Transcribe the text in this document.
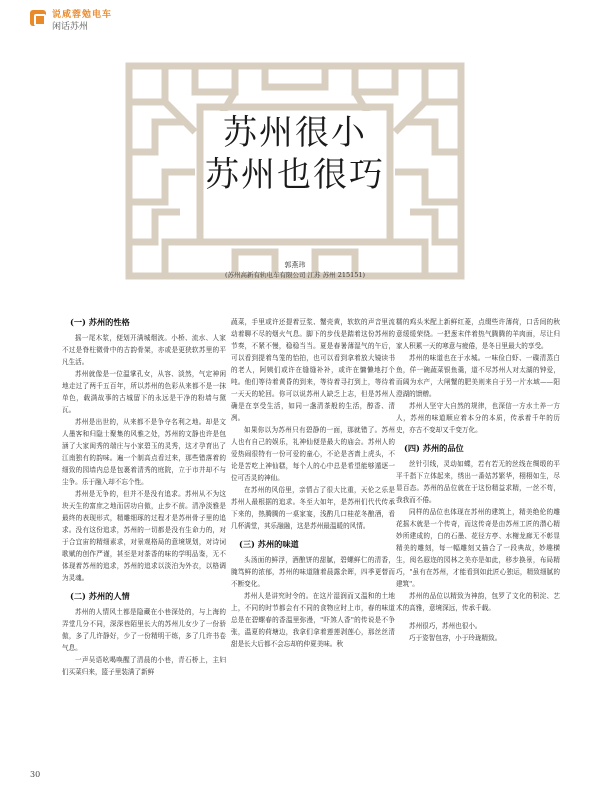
说咸蓉勉电车
闲话苏州
苏州很小
苏州也很巧
郭燕玮
(苏州高新有轨电车有限公司 江苏 苏州 215151)
(一) 苏州的性格

摇一尾木浆，便划开满城烟波。小桥、流水、人家不过是脊柱微骨中的古韵骨架，亦或是更狭软苏里的平凡生活。

苏州就像是一位温掌孔女，从容、淡然，气定神闲地走过了两千五百年，所以苏州的色彩从来都不是一抹单色，载满故事的古城留下的永远是干净的粉墙与黛瓦。

苏州是出世的，从来都不是争夺名利之地。却是文人墨客和归隐士聚集的风雅之处，苏州的文静也许是包涵了大家闺秀的端庄与小家碧玉的灵秀，这才孕育出了江南独有的韵味。遍一个制高点看过来，那些错落着的细致的园墙内总是包裹着清秀的庭院，立于市井却不与尘争。乐于融入却不忘个性。

苏州是无争的，但并不是没有追求。苏州从不为这块天生的富庶之地而居功自傲，止步不前。清净淡雅是最终的表现形式，精雕细琢的过程才是苏州骨子里的追求。没有这份追求，苏州的一切都是没有生命力的，对于合宜宙的精细素求，对景观格局的意境规划，对诗词歌赋的创作严谨，甚至是对茶香的味的学明品鉴，无不体现着苏州的追求，苏州的追求以淡泊为外衣，以格调为灵魂。

(二) 苏州的人情

苏州的人情风土都是隐藏在小巷深处的，与上海的弄堂几分不同，深深巷陌里长大的苏州儿女少了一份骄傲，多了几许静好，少了一份精明干练，多了几许书卷气息。

一声吴语吆喝唤醒了清晨的小巷，青石桥上，主妇们买菜归来，篮子里装满了新鲜

蔬菜，手里或许还提着豆浆、蟹壳黄，软软的声音里流动着聊不尽的烟火气息。脚下的步伐是踏着这份苏州的节奏，不紧不慢，稳稳当当。夏是春暑薄湿气的午后，可以看到提着鸟笼的怡拍，也可以看到拿着放大镜读书的老人，阿姨们或许在缝缝补补，或许在慵懒地打个吨。他们等待着黄昏的到来，等待着寻打到上，等待着一天天的轮回。你可以说苏州人缺乏上志，但是苏州人确是在享受生活，如同一盏清茶般的生活，醇香、清冽。

如果你以为苏州只有碧静的一面，那就错了。苏州人也有自己的娱乐，礼神仙便是最大的庙会。苏州人的爱热闹很特有一份可爱的童心，不论是吝啬上虎头，不论是苦吃上神仙糕，每个人的心中总是希望能够遁逐一位可否灵的神仙。

在苏州的风俗里，亲情占了很大比重，天伦之乐是苏州人最根据的追求。冬至大如年，是苏州们代代传承下来的，热腾腾的一桌家宴，浅酌几口桂花冬酿酒，看几杯满堂，其乐融融，这是苏州最温暖的风情。

(三) 苏州的味道

头汤面的鲜浮，酒酿饼的甜腻，碧螺鲜仁的清香，腌笃鲜的浓郁，苏州的味道随着晨露余晖，四季更替而不断变化。

苏州人是讲究时令的。在这片湿润而又温和的土地上，不同的时节都会有不同的食物应时上市，春的味道总是在碧螺春的香温里弥漫，"吓煞人香"的传说是不争张，温夏的荷塘边，我拿们拿着莲莲剥莲心，那丝丝清甜是长大后都不会忘却的仲夏美味。秋

糯的鸡头米配上新鲜红菱，点缀些许薄荷，口舌间的秋意缓缓荣绕。一把葱末伴着热气腾腾的羊肉面，尽让归家人积累一天的寒意与疲倦，是冬日里最大的享受。

苏州的味道也在于水城。一味俭白虾、一碟清蒸白鱼，佯一碗蔬菜银鱼羹，道不尽苏州人对太湖的钟爱，而阔为水产，大闸蟹的肥美则来自于另一片水域——阳澄湖的馈赠。

苏州人坚守大自然的规律，也深信一方水土养一方人，苏州的味道顺应着本分的本质，传承着千年的历史，亦古不变却又千变万化。

(四) 苏州的品位

丝针引线，灵动如蝶，若有若无的丝线在绸缎的平平千指下立体起来，绣出一番姑苏繁华，栩栩如生，尽显百态。苏州的品位就在于这份精益求精，一丝不苟，我我而不倦。

同样的品位也体现在苏州的建筑上，精美绝伦的雕花摇木就是一个传奇，而这传奇是由苏州工匠的潜心精妙所建成的，白的石墨、花径方亭、水榭龙廊无不彰显精美的雕刻，每一幅雕刻又描合了一段典故，妙趣横生，阅名遐迩的园林之美亦是如此，移步换景，布局精巧，"虽有在苏州，才能看到如此匠心独运，精致细腻的建筑"。

苏州的品位以精致为神韵，包罗了文化的积淀、艺术的高雅，意境深远，传承千载。

苏州很巧，苏州也很小。

巧于姿智包容，小于玲珑精致。

30
